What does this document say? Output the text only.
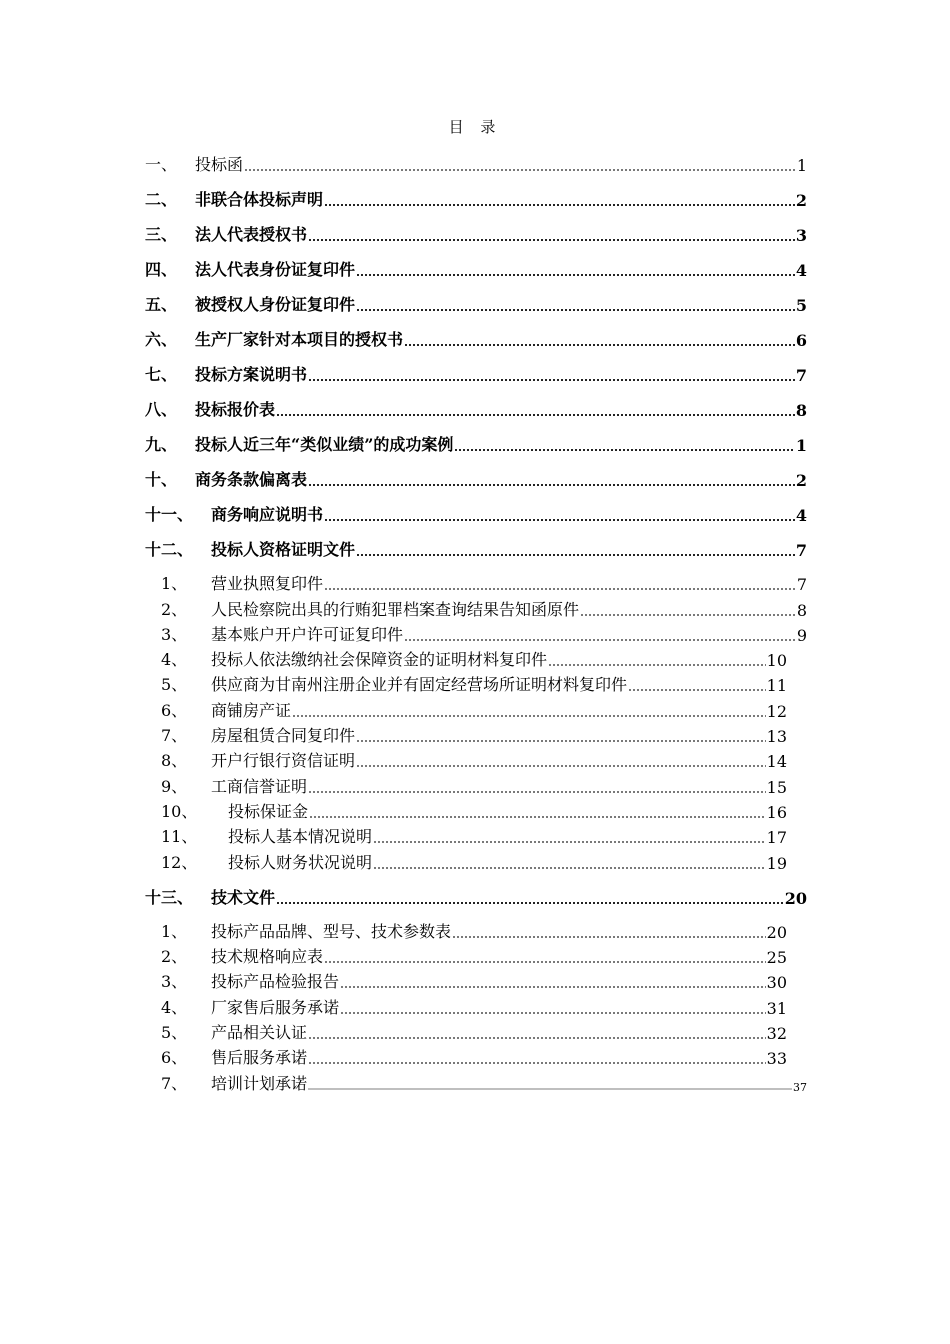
目 录
一、	投标函	1
二、	非联合体投标声明	2
三、	法人代表授权书	3
四、	法人代表身份证复印件	4
五、	被授权人身份证复印件	5
六、	生产厂家针对本项目的授权书	6
七、	投标方案说明书	7
八、	投标报价表	8
九、	投标人近三年“类似业绩”的成功案例	1
十、	商务条款偏离表	2
十一、	商务响应说明书	4
十二、	投标人资格证明文件	7
1、	营业执照复印件	7
2、	人民检察院出具的行贿犯罪档案查询结果告知函原件	8
3、	基本账户开户许可证复印件	9
4、	投标人依法缴纳社会保障资金的证明材料复印件	10
5、	供应商为甘南州注册企业并有固定经营场所证明材料复印件	11
6、	商铺房产证	12
7、	房屋租赁合同复印件	13
8、	开户行银行资信证明	14
9、	工商信誉证明	15
10、	投标保证金	16
11、	投标人基本情况说明	17
12、	投标人财务状况说明	19
十三、	技术文件	20
1、	投标产品品牌、型号、技术参数表	20
2、	技术规格响应表	25
3、	投标产品检验报告	30
4、	厂家售后服务承诺	31
5、	产品相关认证	32
6、	售后服务承诺	33
7、	培训计划承诺	37
